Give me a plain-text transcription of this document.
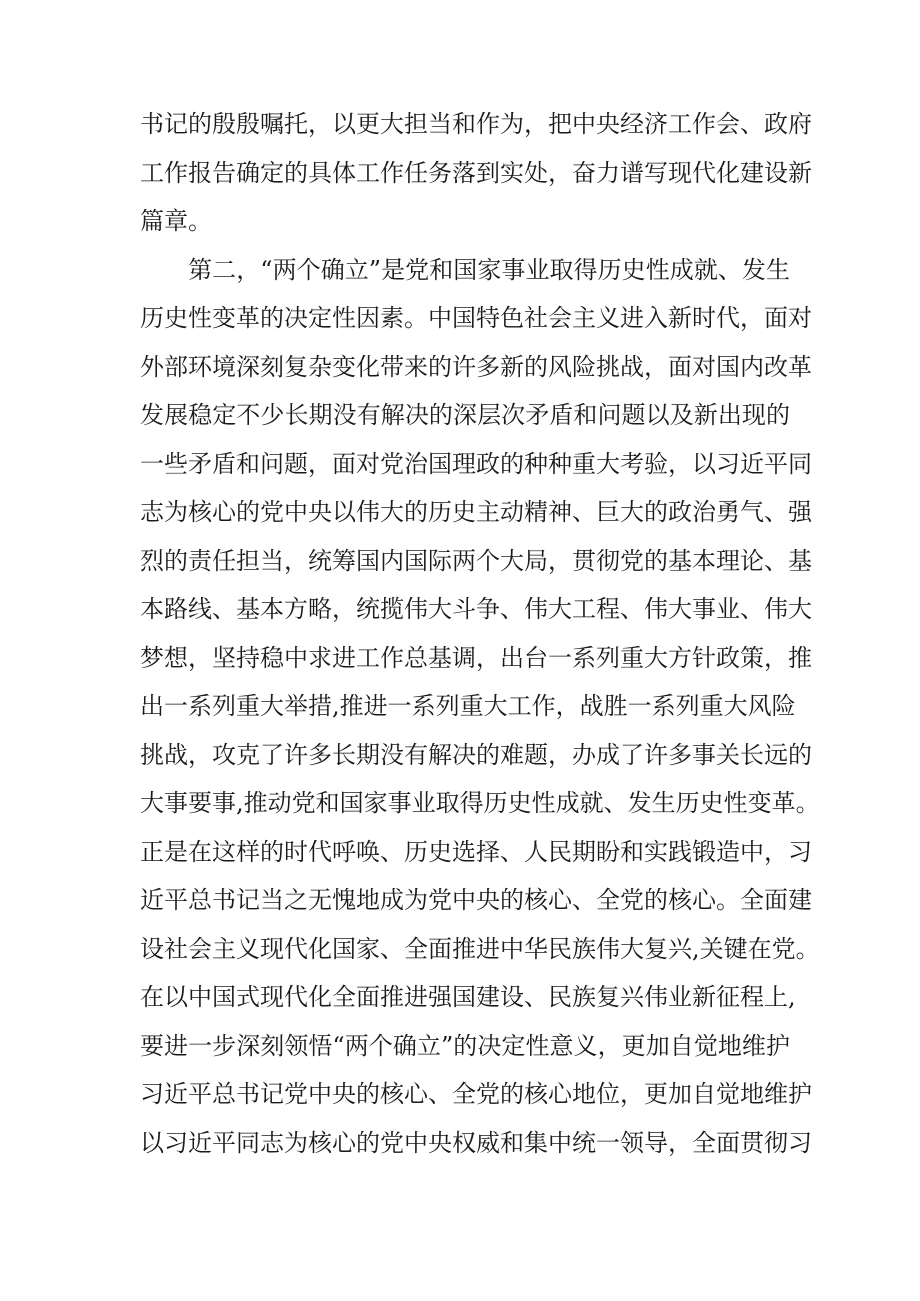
书记的殷殷嘱托，以更大担当和作为，把中央经济工作会、政府
工作报告确定的具体工作任务落到实处，奋力谱写现代化建设新
篇章。
　　第二，“两个确立”是党和国家事业取得历史性成就、发生
历史性变革的决定性因素。中国特色社会主义进入新时代，面对
外部环境深刻复杂变化带来的许多新的风险挑战，面对国内改革
发展稳定不少长期没有解决的深层次矛盾和问题以及新出现的
一些矛盾和问题，面对党治国理政的种种重大考验，以习近平同
志为核心的党中央以伟大的历史主动精神、巨大的政治勇气、强
烈的责任担当，统筹国内国际两个大局，贯彻党的基本理论、基
本路线、基本方略，统揽伟大斗争、伟大工程、伟大事业、伟大
梦想，坚持稳中求进工作总基调，出台一系列重大方针政策，推
出一系列重大举措,推进一系列重大工作，战胜一系列重大风险
挑战，攻克了许多长期没有解决的难题，办成了许多事关长远的
大事要事,推动党和国家事业取得历史性成就、发生历史性变革。
正是在这样的时代呼唤、历史选择、人民期盼和实践锻造中，习
近平总书记当之无愧地成为党中央的核心、全党的核心。全面建
设社会主义现代化国家、全面推进中华民族伟大复兴,关键在党。
在以中国式现代化全面推进强国建设、民族复兴伟业新征程上,
要进一步深刻领悟“两个确立”的决定性意义，更加自觉地维护
习近平总书记党中央的核心、全党的核心地位，更加自觉地维护
以习近平同志为核心的党中央权威和集中统一领导，全面贯彻习
